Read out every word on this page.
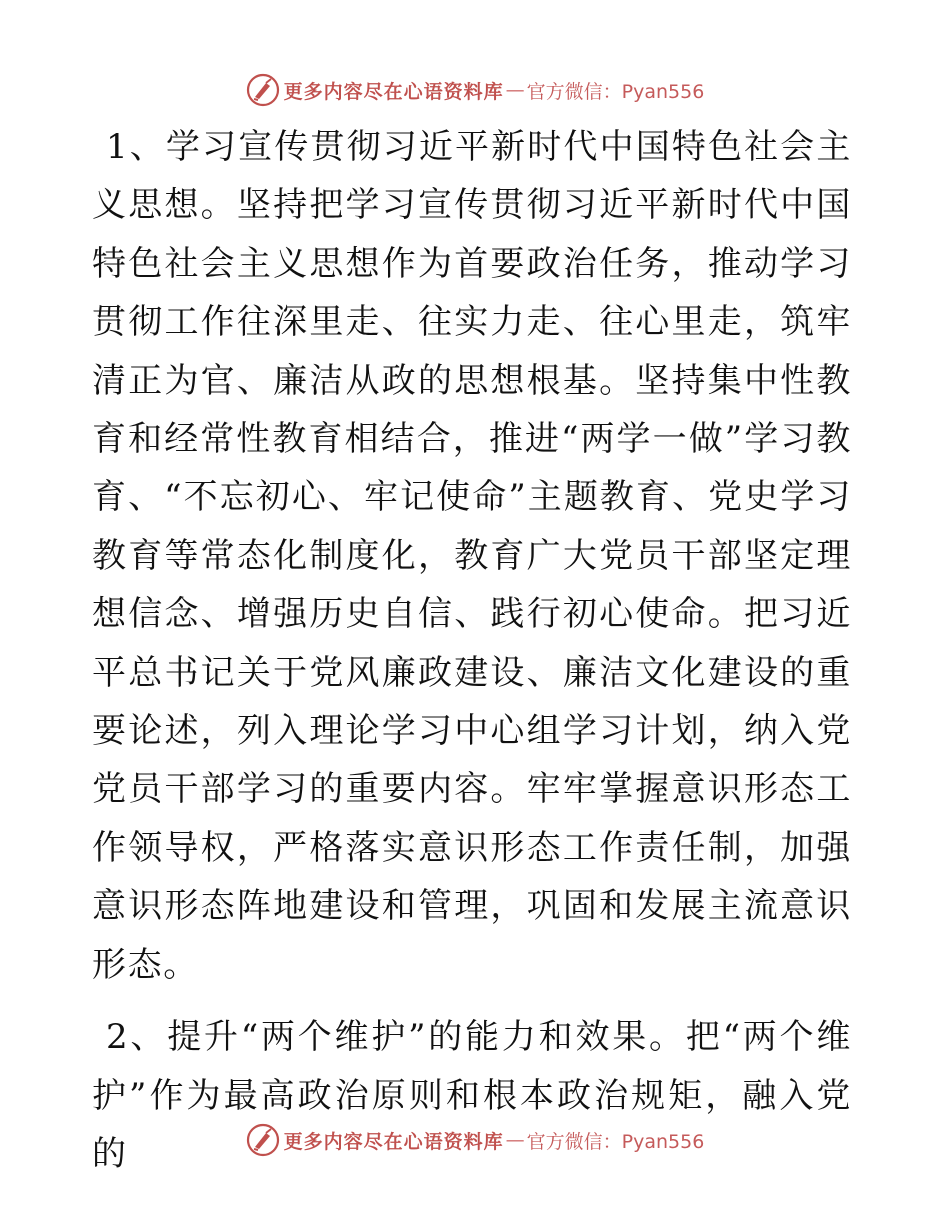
更多内容尽在心语资料库 — 官方微信：Pyan556

1、学习宣传贯彻习近平新时代中国特色社会主义思想。坚持把学习宣传贯彻习近平新时代中国特色社会主义思想作为首要政治任务，推动学习贯彻工作往深里走、往实力走、往心里走，筑牢清正为官、廉洁从政的思想根基。坚持集中性教育和经常性教育相结合，推进“两学一做”学习教育、“不忘初心、牢记使命”主题教育、党史学习教育等常态化制度化，教育广大党员干部坚定理想信念、增强历史自信、践行初心使命。把习近平总书记关于党风廉政建设、廉洁文化建设的重要论述，列入理论学习中心组学习计划，纳入党党员干部学习的重要内容。牢牢掌握意识形态工作领导权，严格落实意识形态工作责任制，加强意识形态阵地建设和管理，巩固和发展主流意识形态。

2、提升“两个维护”的能力和效果。把“两个维护”作为最高政治原则和根本政治规矩，融入党的	更多内容尽在心语资料库 — 官方微信：Pyan556
